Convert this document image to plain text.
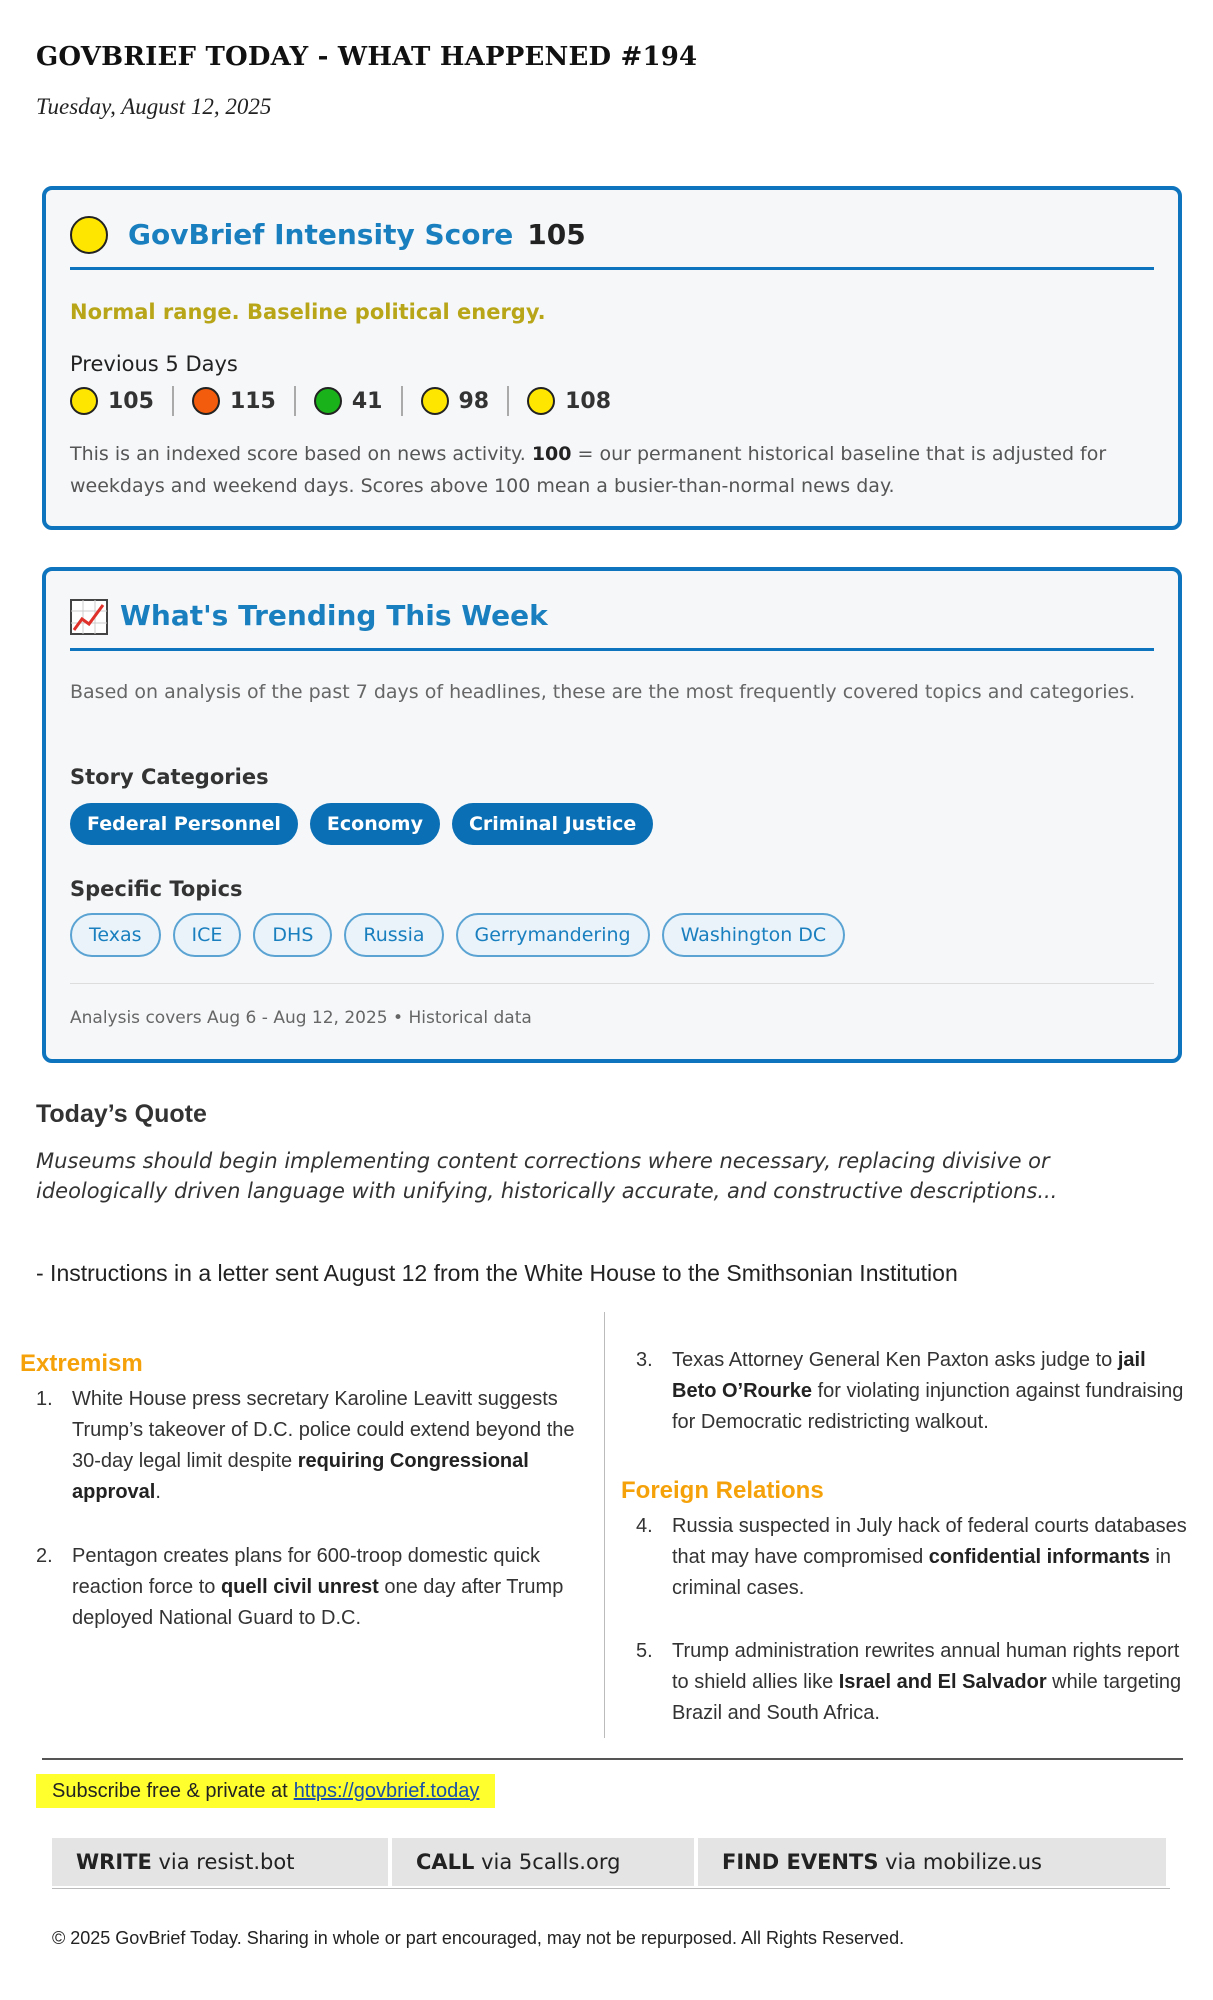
GOVBRIEF TODAY - WHAT HAPPENED #194
Tuesday, August 12, 2025
GovBrief Intensity Score 105
Normal range. Baseline political energy.
Previous 5 Days
105	115	41	98	108
This is an indexed score based on news activity. 100 = our permanent historical baseline that is adjusted for weekdays and weekend days. Scores above 100 mean a busier-than-normal news day.
What's Trending This Week
Based on analysis of the past 7 days of headlines, these are the most frequently covered topics and categories.
Story Categories
Federal Personnel	Economy	Criminal Justice
Specific Topics
Texas	ICE	DHS	Russia	Gerrymandering	Washington DC
Analysis covers Aug 6 - Aug 12, 2025 • Historical data
Today’s Quote
Museums should begin implementing content corrections where necessary, replacing divisive or ideologically driven language with unifying, historically accurate, and constructive descriptions...
- Instructions in a letter sent August 12 from the White House to the Smithsonian Institution
Extremism
1. White House press secretary Karoline Leavitt suggests Trump’s takeover of D.C. police could extend beyond the 30-day legal limit despite requiring Congressional approval.
2. Pentagon creates plans for 600-troop domestic quick reaction force to quell civil unrest one day after Trump deployed National Guard to D.C.
3. Texas Attorney General Ken Paxton asks judge to jail Beto O’Rourke for violating injunction against fundraising for Democratic redistricting walkout.
Foreign Relations
4. Russia suspected in July hack of federal courts databases that may have compromised confidential informants in criminal cases.
5. Trump administration rewrites annual human rights report to shield allies like Israel and El Salvador while targeting Brazil and South Africa.
Subscribe free & private at https://govbrief.today
WRITE via resist.bot	CALL via 5calls.org	FIND EVENTS via mobilize.us
© 2025 GovBrief Today. Sharing in whole or part encouraged, may not be repurposed. All Rights Reserved.
